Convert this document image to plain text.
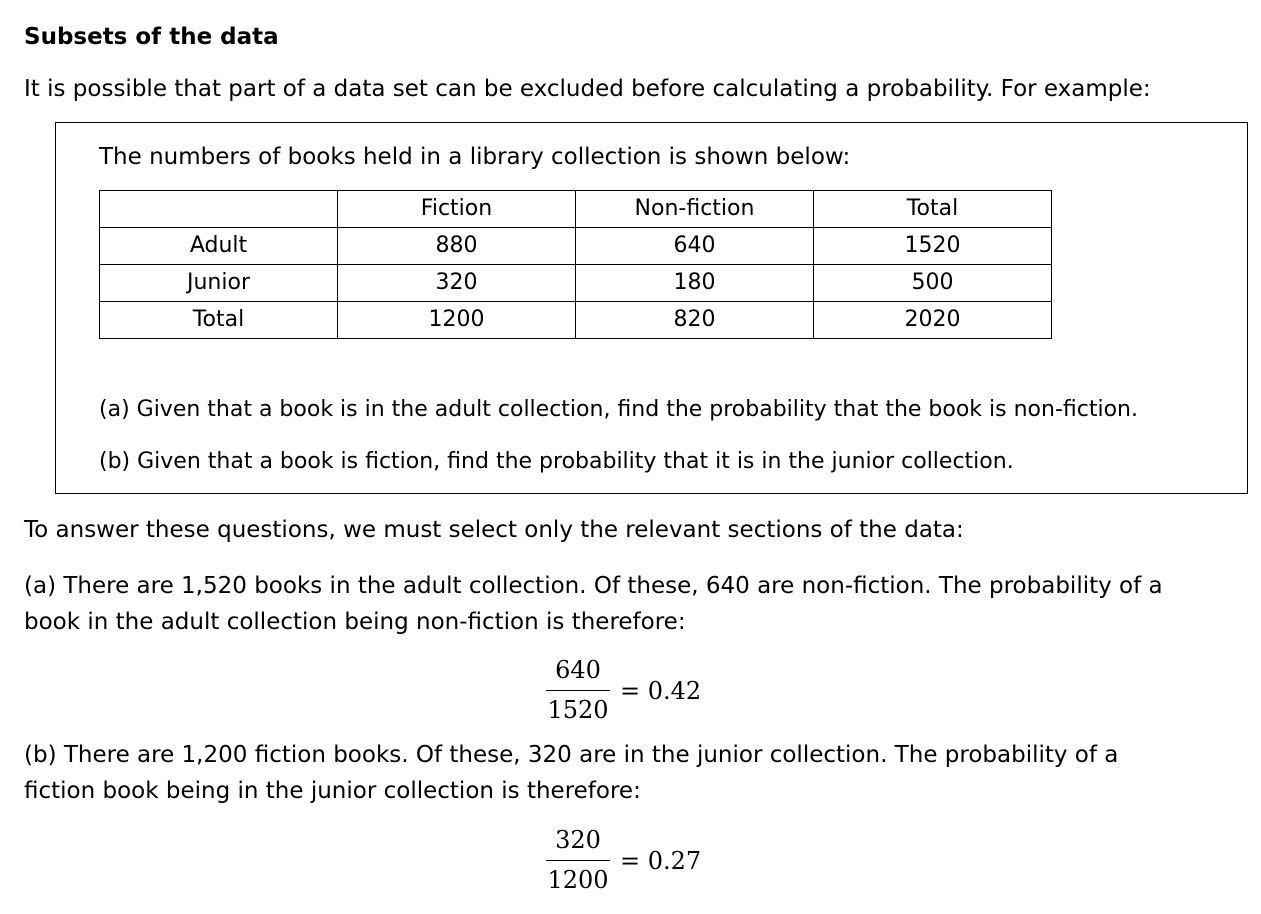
Subsets of the data
It is possible that part of a data set can be excluded before calculating a probability. For example:
The numbers of books held in a library collection is shown below:
	Fiction	Non-fiction	Total
Adult	880	640	1520
Junior	320	180	500
Total	1200	820	2020
(a) Given that a book is in the adult collection, find the probability that the book is non-fiction.
(b) Given that a book is fiction, find the probability that it is in the junior collection.
To answer these questions, we must select only the relevant sections of the data:
(a) There are 1,520 books in the adult collection. Of these, 640 are non-fiction. The probability of a
book in the adult collection being non-fiction is therefore:
640
1520
= 0.42
(b) There are 1,200 fiction books. Of these, 320 are in the junior collection. The probability of a
fiction book being in the junior collection is therefore:
320
1200
= 0.27
